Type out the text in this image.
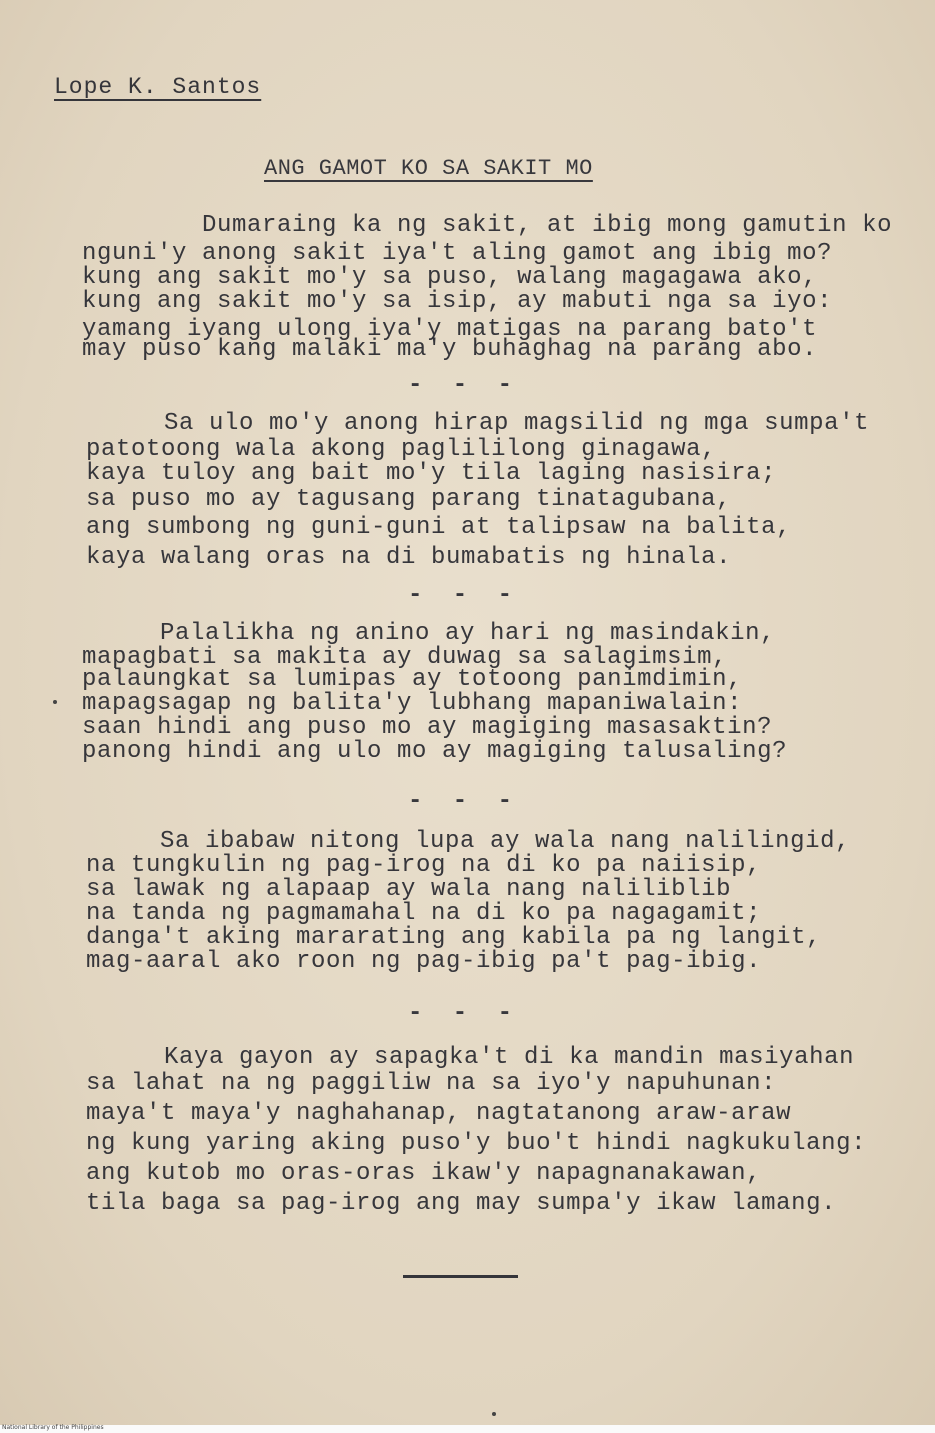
Lope K. Santos
ANG GAMOT KO SA SAKIT MO
Dumaraing ka ng sakit, at ibig mong gamutin ko
nguni'y anong sakit iya't aling gamot ang ibig mo?
kung ang sakit mo'y sa puso, walang magagawa ako,
kung ang sakit mo'y sa isip, ay mabuti nga sa iyo:
yamang iyang ulong iya'y matigas na parang bato't
may puso kang malaki ma'y buhaghag na parang abo.
- - -
Sa ulo mo'y anong hirap magsilid ng mga sumpa't
patotoong wala akong paglililong ginagawa,
kaya tuloy ang bait mo'y tila laging nasisira;
sa puso mo ay tagusang parang tinatagubana,
ang sumbong ng guni-guni at talipsaw na balita,
kaya walang oras na di bumabatis ng hinala.
- - -
Palalikha ng anino ay hari ng masindakin,
mapagbati sa makita ay duwag sa salagimsim,
palaungkat sa lumipas ay totoong panimdimin,
mapagsagap ng balita'y lubhang mapaniwalain:
saan hindi ang puso mo ay magiging masasaktin?
panong hindi ang ulo mo ay magiging talusaling?
- - -
Sa ibabaw nitong lupa ay wala nang nalilingid,
na tungkulin ng pag-irog na di ko pa naiisip,
sa lawak ng alapaap ay wala nang naliliblib
na tanda ng pagmamahal na di ko pa nagagamit;
danga't aking mararating ang kabila pa ng langit,
mag-aaral ako roon ng pag-ibig pa't pag-ibig.
- - -
Kaya gayon ay sapagka't di ka mandin masiyahan
sa lahat na ng paggiliw na sa iyo'y napuhunan:
maya't maya'y naghahanap, nagtatanong araw-araw
ng kung yaring aking puso'y buo't hindi nagkukulang:
ang kutob mo oras-oras ikaw'y napagnanakawan,
tila baga sa pag-irog ang may sumpa'y ikaw lamang.
National Library of the Philippines
